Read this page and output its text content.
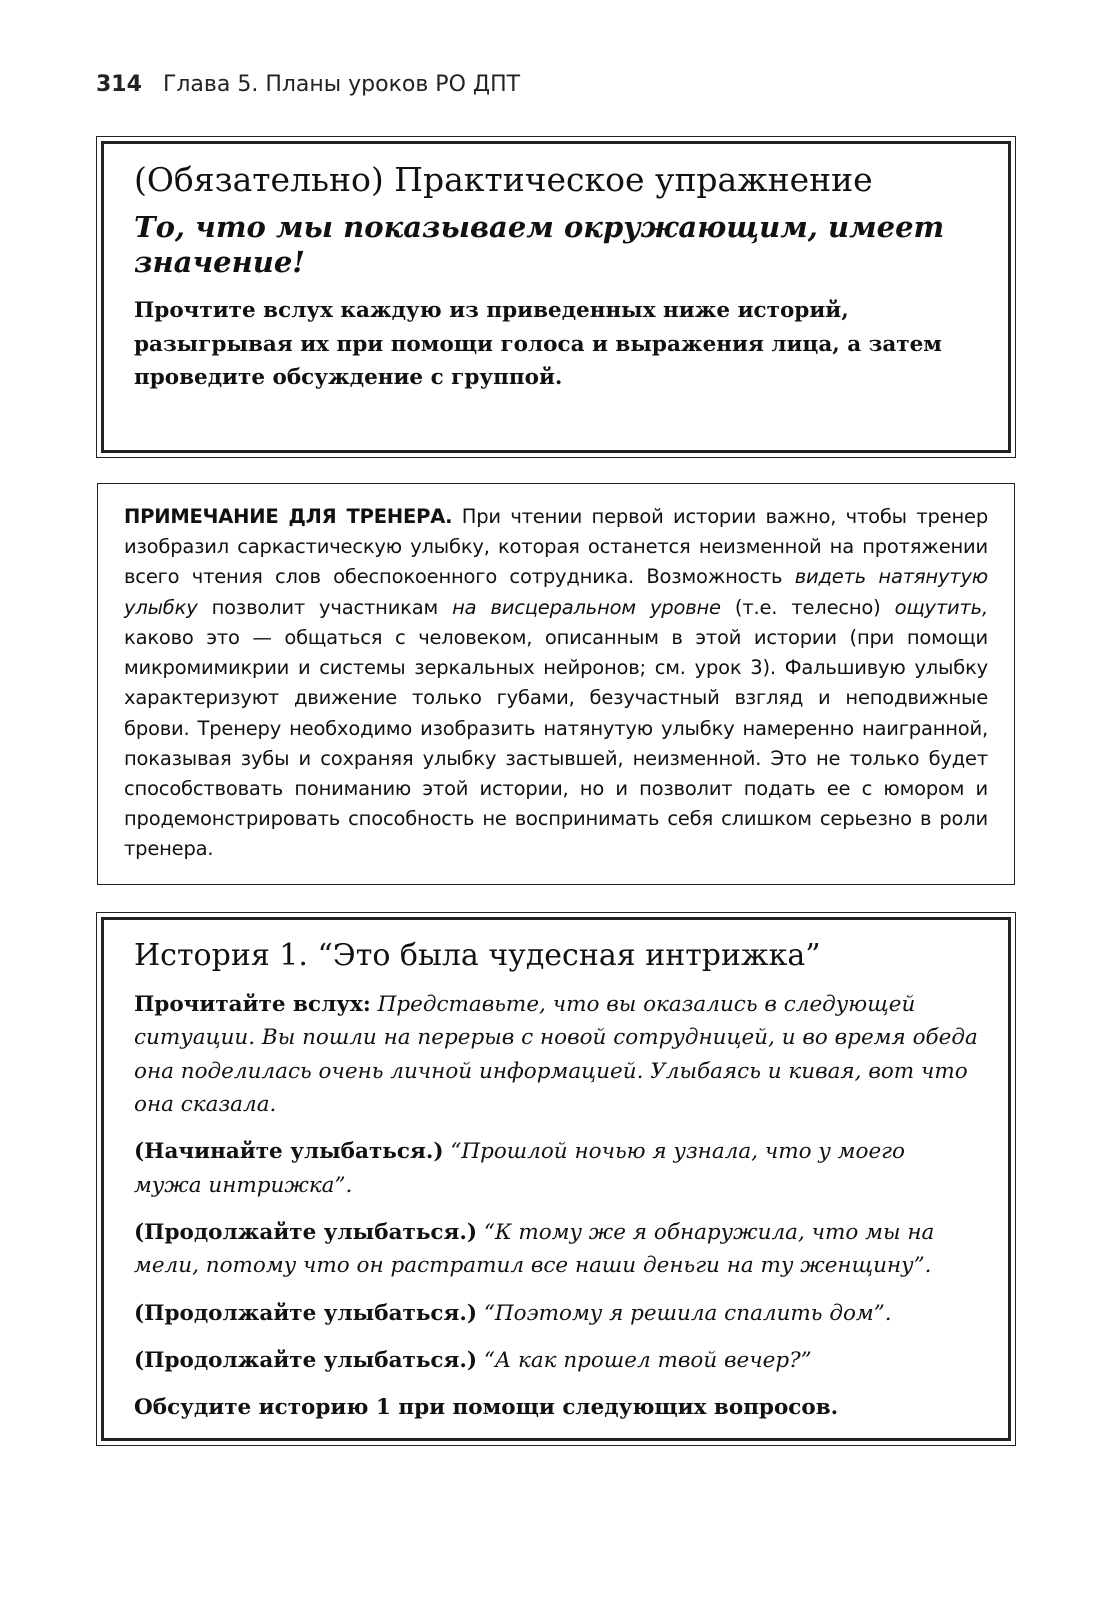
314 Глава 5. Планы уроков РО ДПТ

(Обязательно) Практическое упражнение

То, что мы показываем окружающим, имеет значение!

Прочтите вслух каждую из приведенных ниже историй, разыгрывая их при помощи голоса и выражения лица, а затем проведите обсуждение с группой.

ПРИМЕЧАНИЕ ДЛЯ ТРЕНЕРА. При чтении первой истории важно, чтобы тренер изобразил саркастическую улыбку, которая останется неизменной на протяжении всего чтения слов обеспокоенного сотрудника. Возможность видеть натянутую улыбку позволит участникам на висцеральном уровне (т.е. телесно) ощутить, каково это — общаться с человеком, описанным в этой истории (при помощи микромимикрии и системы зеркальных нейронов; см. урок 3). Фальшивую улыбку характеризуют движение только губами, безучастный взгляд и неподвижные брови. Тренеру необходимо изобразить натянутую улыбку намеренно наигранной, показывая зубы и сохраняя улыбку застывшей, неизменной. Это не только будет способствовать пониманию этой истории, но и позволит подать ее с юмором и продемонстрировать способность не воспринимать себя слишком серьезно в роли тренера.

История 1. “Это была чудесная интрижка”

Прочитайте вслух: Представьте, что вы оказались в следующей ситуации. Вы пошли на перерыв с новой сотрудницей, и во время обеда она поделилась очень личной информацией. Улыбаясь и кивая, вот что она сказала.

(Начинайте улыбаться.) “Прошлой ночью я узнала, что у моего мужа интрижка”.

(Продолжайте улыбаться.) “К тому же я обнаружила, что мы на мели, потому что он растратил все наши деньги на ту женщину”.

(Продолжайте улыбаться.) “Поэтому я решила спалить дом”.

(Продолжайте улыбаться.) “А как прошел твой вечер?”

Обсудите историю 1 при помощи следующих вопросов.
